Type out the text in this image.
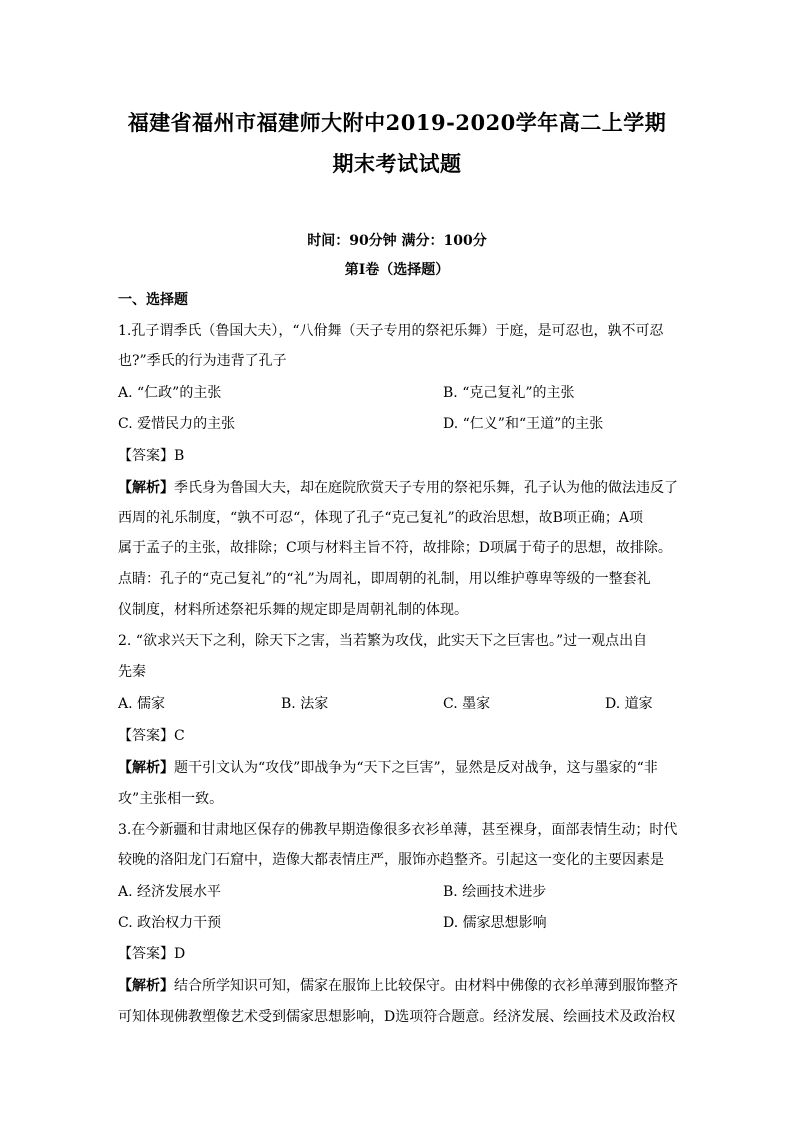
福建省福州市福建师大附中2019-2020学年高二上学期
期末考试试题
时间：90分钟 满分：100分
第Ⅰ卷（选择题）
一、选择题
1.孔子谓季氏（鲁国大夫），“八佾舞（天子专用的祭祀乐舞）于庭，是可忍也，孰不可忍
也?”季氏的行为违背了孔子
A. “仁政”的主张	B. “克己复礼”的主张
C. 爱惜民力的主张	D. “仁义”和“王道”的主张
【答案】B
【解析】季氏身为鲁国大夫，却在庭院欣赏天子专用的祭祀乐舞，孔子认为他的做法违反了
西周的礼乐制度，“孰不可忍“，体现了孔子“克己复礼”的政治思想，故B项正确；A项
属于孟子的主张，故排除；C项与材料主旨不符，故排除；D项属于荀子的思想，故排除。
点睛：孔子的“克己复礼”的“礼”为周礼，即周朝的礼制，用以维护尊卑等级的一整套礼
仪制度，材料所述祭祀乐舞的规定即是周朝礼制的体现。
2. “欲求兴天下之利，除天下之害，当若繁为攻伐，此实天下之巨害也。”过一观点出自
先秦
A. 儒家	B. 法家	C. 墨家	D. 道家
【答案】C
【解析】题干引文认为“攻伐”即战争为“天下之巨害”，显然是反对战争，这与墨家的“非
攻”主张相一致。
3.在今新疆和甘肃地区保存的佛教早期造像很多衣衫单薄，甚至裸身，面部表情生动；时代
较晚的洛阳龙门石窟中，造像大都表情庄严，服饰亦趋整齐。引起这一变化的主要因素是
A. 经济发展水平	B. 绘画技术进步
C. 政治权力干预	D. 儒家思想影响
【答案】D
【解析】结合所学知识可知，儒家在服饰上比较保守。由材料中佛像的衣衫单薄到服饰整齐
可知体现佛教塑像艺术受到儒家思想影响，D选项符合题意。经济发展、绘画技术及政治权
